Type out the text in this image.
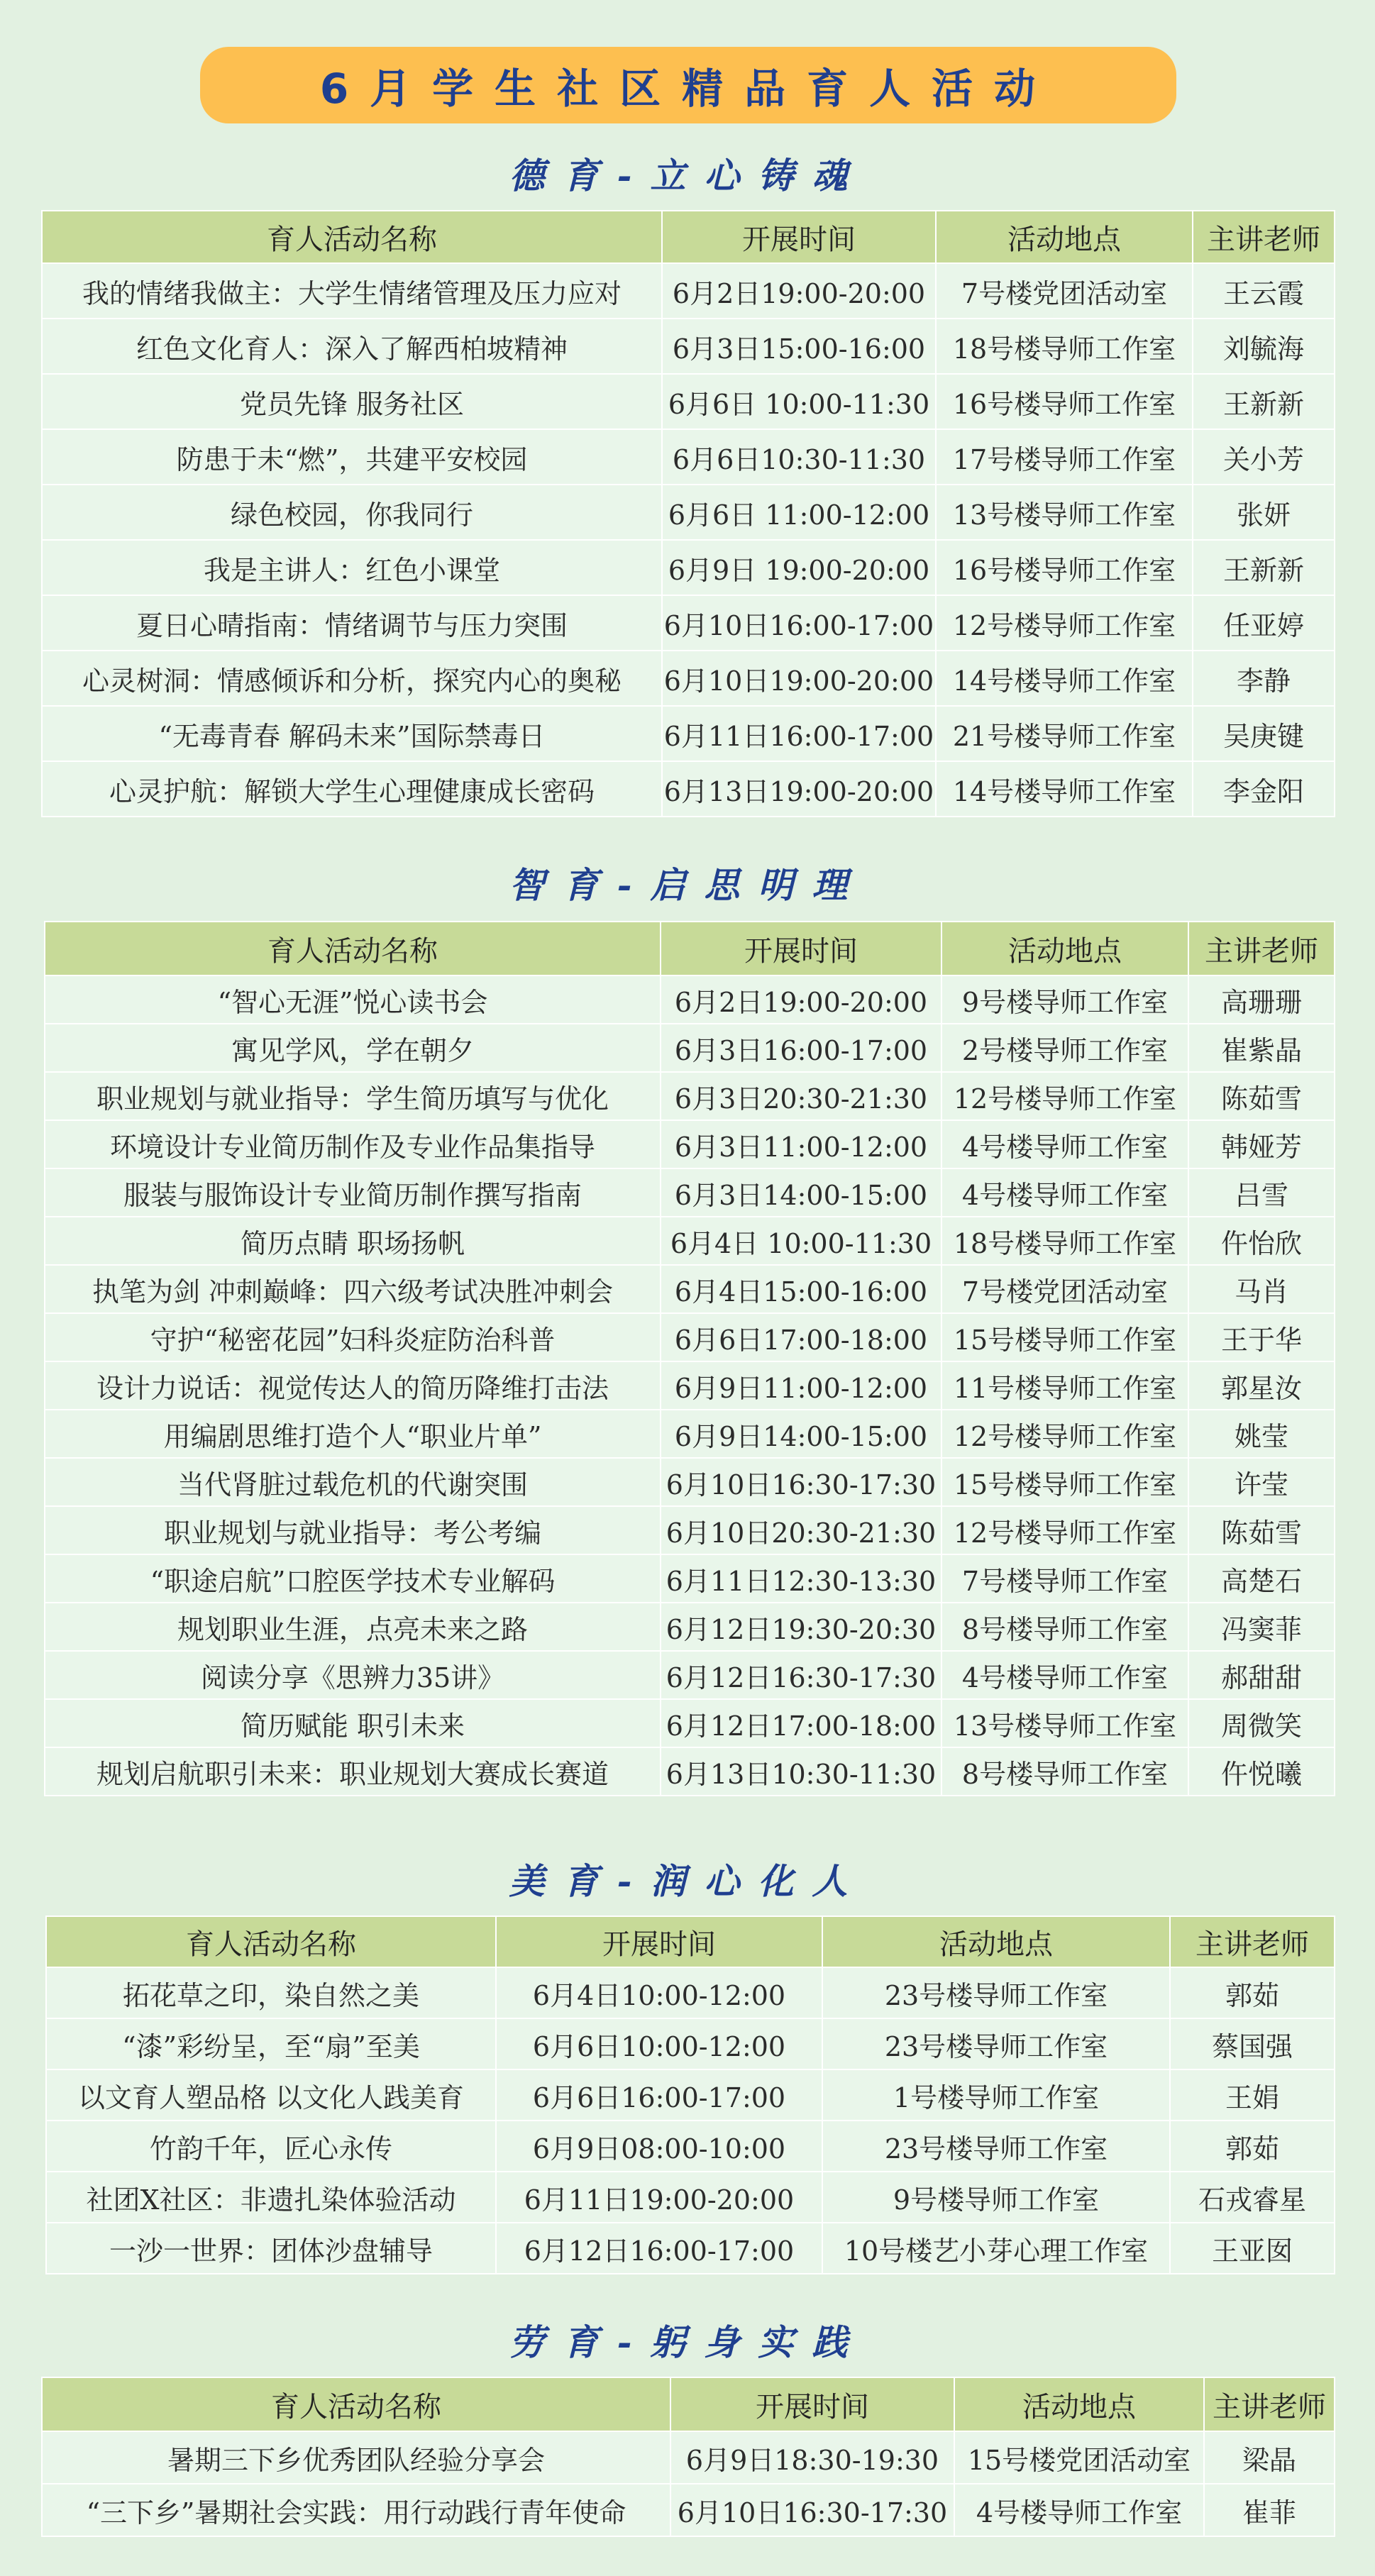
6月学生社区精品育人活动
德育-立心铸魂
育人活动名称	开展时间	活动地点	主讲老师
我的情绪我做主：大学生情绪管理及压力应对	6月2日19:00-20:00	7号楼党团活动室	王云霞
红色文化育人：深入了解西柏坡精神	6月3日15:00-16:00	18号楼导师工作室	刘毓海
党员先锋 服务社区	6月6日 10:00-11:30	16号楼导师工作室	王新新
防患于未“燃”，共建平安校园	6月6日10:30-11:30	17号楼导师工作室	关小芳
绿色校园，你我同行	6月6日 11:00-12:00	13号楼导师工作室	张妍
我是主讲人：红色小课堂	6月9日 19:00-20:00	16号楼导师工作室	王新新
夏日心晴指南：情绪调节与压力突围	6月10日16:00-17:00	12号楼导师工作室	任亚婷
心灵树洞：情感倾诉和分析，探究内心的奥秘	6月10日19:00-20:00	14号楼导师工作室	李静
“无毒青春 解码未来”国际禁毒日	6月11日16:00-17:00	21号楼导师工作室	吴庚键
心灵护航：解锁大学生心理健康成长密码	6月13日19:00-20:00	14号楼导师工作室	李金阳
智育-启思明理
育人活动名称	开展时间	活动地点	主讲老师
“智心无涯”悦心读书会	6月2日19:00-20:00	9号楼导师工作室	高珊珊
寓见学风，学在朝夕	6月3日16:00-17:00	2号楼导师工作室	崔紫晶
职业规划与就业指导：学生简历填写与优化	6月3日20:30-21:30	12号楼导师工作室	陈茹雪
环境设计专业简历制作及专业作品集指导	6月3日11:00-12:00	4号楼导师工作室	韩娅芳
服装与服饰设计专业简历制作撰写指南	6月3日14:00-15:00	4号楼导师工作室	吕雪
简历点睛 职场扬帆	6月4日 10:00-11:30	18号楼导师工作室	仵怡欣
执笔为剑 冲刺巅峰：四六级考试决胜冲刺会	6月4日15:00-16:00	7号楼党团活动室	马肖
守护“秘密花园”妇科炎症防治科普	6月6日17:00-18:00	15号楼导师工作室	王于华
设计力说话：视觉传达人的简历降维打击法	6月9日11:00-12:00	11号楼导师工作室	郭星汝
用编剧思维打造个人“职业片单”	6月9日14:00-15:00	12号楼导师工作室	姚莹
当代肾脏过载危机的代谢突围	6月10日16:30-17:30	15号楼导师工作室	许莹
职业规划与就业指导：考公考编	6月10日20:30-21:30	12号楼导师工作室	陈茹雪
“职途启航”口腔医学技术专业解码	6月11日12:30-13:30	7号楼导师工作室	高楚石
规划职业生涯，点亮未来之路	6月12日19:30-20:30	8号楼导师工作室	冯窦菲
阅读分享《思辨力35讲》	6月12日16:30-17:30	4号楼导师工作室	郝甜甜
简历赋能 职引未来	6月12日17:00-18:00	13号楼导师工作室	周微笑
规划启航职引未来：职业规划大赛成长赛道	6月13日10:30-11:30	8号楼导师工作室	仵悦曦
美育-润心化人
育人活动名称	开展时间	活动地点	主讲老师
拓花草之印，染自然之美	6月4日10:00-12:00	23号楼导师工作室	郭茹
“漆”彩纷呈，至“扇”至美	6月6日10:00-12:00	23号楼导师工作室	蔡国强
以文育人塑品格 以文化人践美育	6月6日16:00-17:00	1号楼导师工作室	王娟
竹韵千年，匠心永传	6月9日08:00-10:00	23号楼导师工作室	郭茹
社团X社区：非遗扎染体验活动	6月11日19:00-20:00	9号楼导师工作室	石戎睿星
一沙一世界：团体沙盘辅导	6月12日16:00-17:00	10号楼艺小芽心理工作室	王亚囡
劳育-躬身实践
育人活动名称	开展时间	活动地点	主讲老师
暑期三下乡优秀团队经验分享会	6月9日18:30-19:30	15号楼党团活动室	梁晶
“三下乡”暑期社会实践：用行动践行青年使命	6月10日16:30-17:30	4号楼导师工作室	崔菲
